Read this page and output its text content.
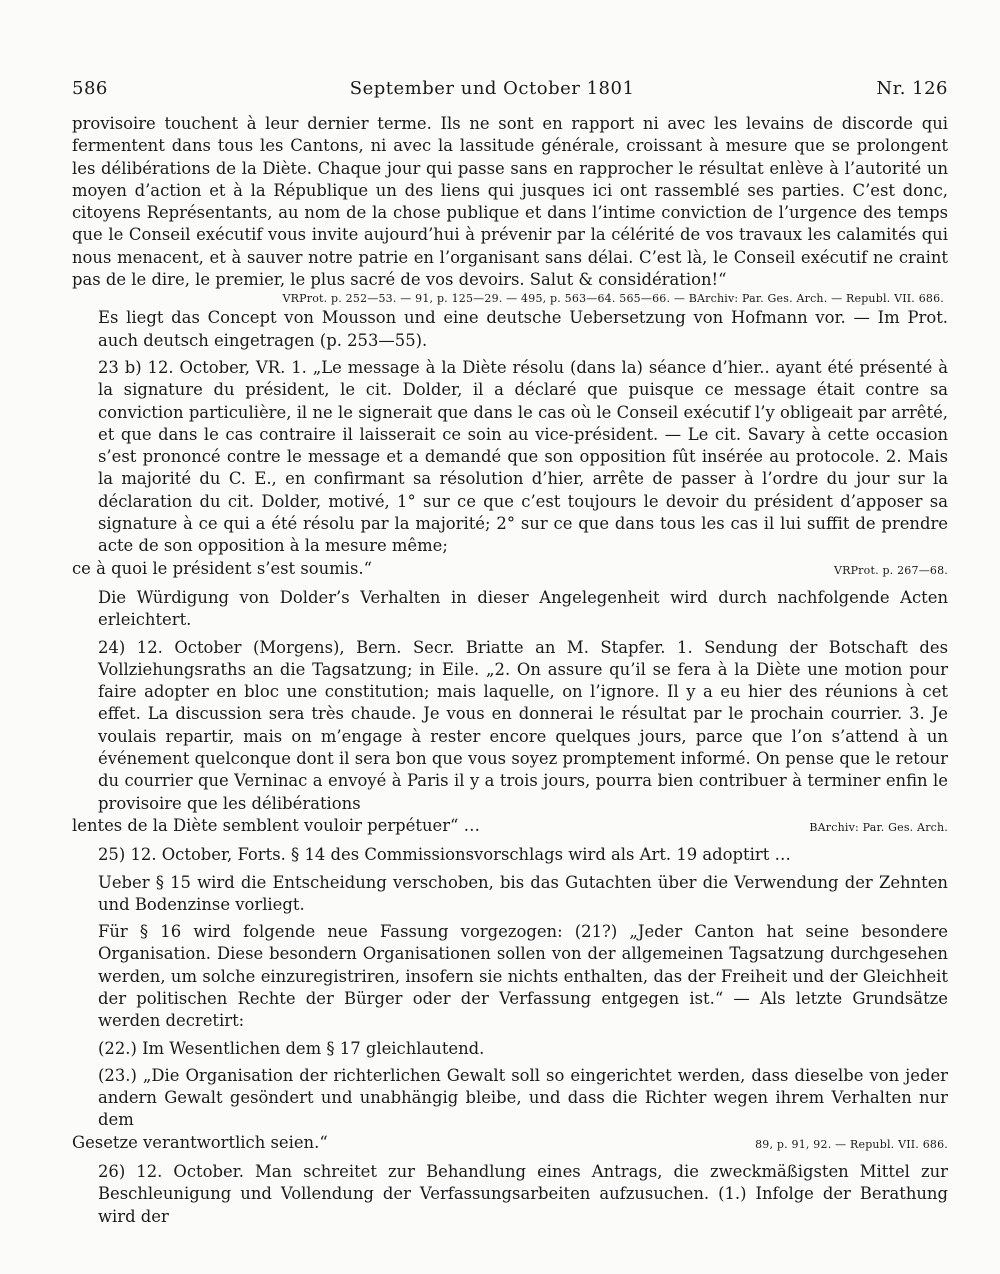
586	September und October 1801	Nr. 126

provisoire touchent à leur dernier terme. Ils ne sont en rapport ni avec les levains de discorde qui fermentent dans tous les Cantons, ni avec la lassitude générale, croissant à mesure que se prolongent les délibérations de la Diète. Chaque jour qui passe sans en rapprocher le résultat enlève à l’autorité un moyen d’action et à la République un des liens qui jusques ici ont rassemblé ses parties. C’est donc, citoyens Représentants, au nom de la chose publique et dans l’intime conviction de l’urgence des temps que le Conseil exécutif vous invite aujourd’hui à prévenir par la célérité de vos travaux les calamités qui nous menacent, et à sauver notre patrie en l’organisant sans délai. C’est là, le Conseil exécutif ne craint pas de le dire, le premier, le plus sacré de vos devoirs. Salut & considération!“

VRProt. p. 252—53. — 91, p. 125—29. — 495, p. 563—64. 565—66. — BArchiv: Par. Ges. Arch. — Republ. VII. 686.

Es liegt das Concept von Mousson und eine deutsche Uebersetzung von Hofmann vor. — Im Prot. auch deutsch eingetragen (p. 253—55).

23 b) 12. October, VR. 1. „Le message à la Diète résolu (dans la) séance d’hier.. ayant été présenté à la signature du président, le cit. Dolder, il a déclaré que puisque ce message était contre sa conviction particulière, il ne le signerait que dans le cas où le Conseil exécutif l’y obligeait par arrêté, et que dans le cas contraire il laisserait ce soin au vice-président. — Le cit. Savary à cette occasion s’est prononcé contre le message et a demandé que son opposition fût insérée au protocole. 2. Mais la majorité du C. E., en confirmant sa résolution d’hier, arrête de passer à l’ordre du jour sur la déclaration du cit. Dolder, motivé, 1° sur ce que c’est toujours le devoir du président d’apposer sa signature à ce qui a été résolu par la majorité; 2° sur ce que dans tous les cas il lui suffit de prendre acte de son opposition à la mesure même;

ce à quoi le président s’est soumis.“	VRProt. p. 267—68.

Die Würdigung von Dolder’s Verhalten in dieser Angelegenheit wird durch nachfolgende Acten erleichtert.

24) 12. October (Morgens), Bern. Secr. Briatte an M. Stapfer. 1. Sendung der Botschaft des Vollziehungsraths an die Tagsatzung; in Eile. „2. On assure qu’il se fera à la Diète une motion pour faire adopter en bloc une constitution; mais laquelle, on l’ignore. Il y a eu hier des réunions à cet effet. La discussion sera très chaude. Je vous en donnerai le résultat par le prochain courrier. 3. Je voulais repartir, mais on m’engage à rester encore quelques jours, parce que l’on s’attend à un événement quelconque dont il sera bon que vous soyez promptement informé. On pense que le retour du courrier que Verninac a envoyé à Paris il y a trois jours, pourra bien contribuer à terminer enfin le provisoire que les délibérations

lentes de la Diète semblent vouloir perpétuer“ …	BArchiv: Par. Ges. Arch.

25) 12. October, Forts. § 14 des Commissionsvorschlags wird als Art. 19 adoptirt …

Ueber § 15 wird die Entscheidung verschoben, bis das Gutachten über die Verwendung der Zehnten und Bodenzinse vorliegt.

Für § 16 wird folgende neue Fassung vorgezogen: (21?) „Jeder Canton hat seine besondere Organisation. Diese besondern Organisationen sollen von der allgemeinen Tagsatzung durchgesehen werden, um solche einzuregistriren, insofern sie nichts enthalten, das der Freiheit und der Gleichheit der politischen Rechte der Bürger oder der Verfassung entgegen ist.“ — Als letzte Grundsätze werden decretirt:

(22.) Im Wesentlichen dem § 17 gleichlautend.

(23.) „Die Organisation der richterlichen Gewalt soll so eingerichtet werden, dass dieselbe von jeder andern Gewalt gesöndert und unabhängig bleibe, und dass die Richter wegen ihrem Verhalten nur dem

Gesetze verantwortlich seien.“	89, p. 91, 92. — Republ. VII. 686.

26) 12. October. Man schreitet zur Behandlung eines Antrags, die zweckmäßigsten Mittel zur Beschleunigung und Vollendung der Verfassungsarbeiten aufzusuchen. (1.) Infolge der Berathung wird der
